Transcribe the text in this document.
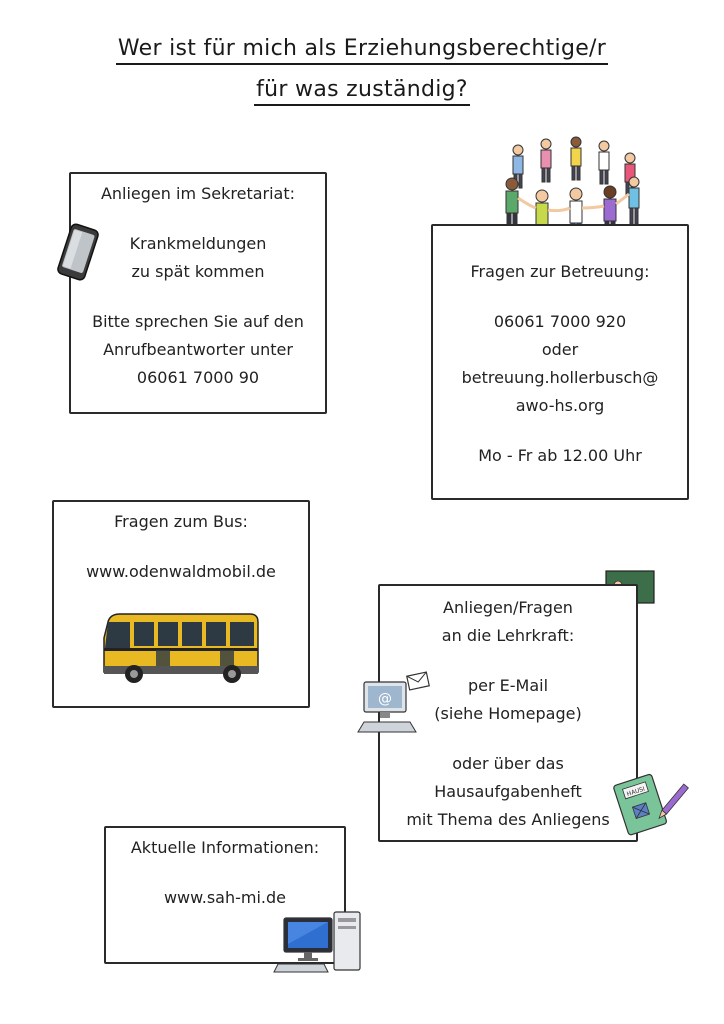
Wer ist für mich als Erziehungsberechtige/r
für was zuständig?
Anliegen im Sekretariat:
Krankmeldungen
zu spät kommen
Bitte sprechen Sie auf den
Anrufbeantworter unter
06061 7000 90
Fragen zur Betreuung:
06061 7000 920
oder
betreuung.hollerbusch@
awo-hs.org
Mo - Fr ab 12.00 Uhr
Fragen zum Bus:
www.odenwaldmobil.de
Anliegen/Fragen
an die Lehrkraft:
per E-Mail
(siehe Homepage)
oder über das
Hausaufgabenheft
mit Thema des Anliegens
@
HAUSI
Aktuelle Informationen:
www.sah-mi.de
